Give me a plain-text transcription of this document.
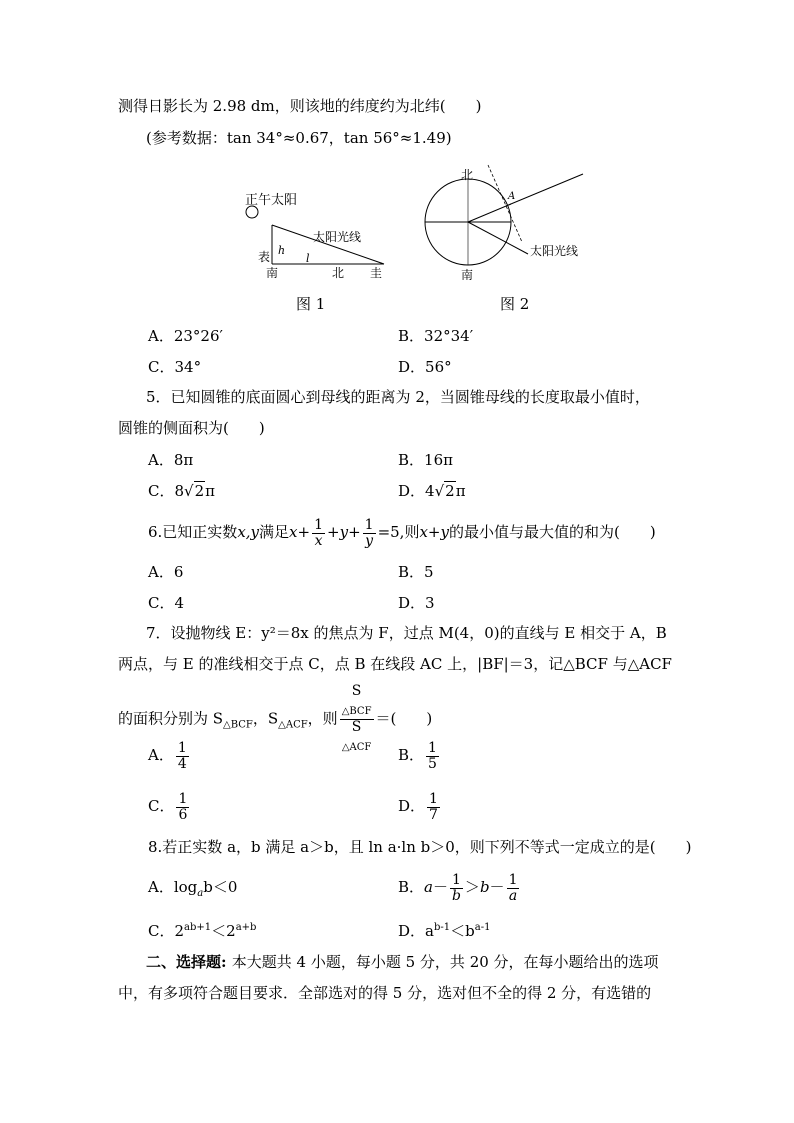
测得日影长为 2.98 dm，则该地的纬度约为北纬(　　)
(参考数据：tan 34°≈0.67，tan 56°≈1.49)
正午太阳
太阳光线
表 h
l
南	北 圭
图 1
北
南
A
太阳光线
图 2
A．23°26′	B．32°34′
C．34°	D．56°
5．已知圆锥的底面圆心到母线的距离为 2，当圆锥母线的长度取最小值时，
圆锥的侧面积为(　　)
A．8π	B．16π
C．8√2π	D．4√2π
6.已知正实数x,y满足$x+ \frac{1}{x} +y+ \frac{1}{y} =5$,则x+y的最小值与最大值的和为(　　)
A．6	B．5
C．4	D．3
7．设抛物线 E：y²＝8x 的焦点为 F，过点 M(4，0)的直线与 E 相交于 A，B
两点，与 E 的准线相交于点 C，点 B 在线段 AC 上，|BF|＝3，记△BCF 与△ACF
的面积分别为 $S_{\triangle BCF}$，$S_{\triangle ACF}$，则 S
$_{\triangle BCF}$
S
$_{\triangle ACF}$ ＝(　　)
A． $\frac{1}{4}$	B． $\frac{1}{5}$
C． $\frac{1}{6}$	D． $\frac{1}{7}$
8.若正实数 a，b 满足 a＞b，且 ln a·ln b＞0，则下列不等式一定成立的是(　　)
A．$\log_ab<0$	B．$a- \frac{1}{b} >b- \frac{1}{a}$
C．$2^{ab+1}<2^{a+b}$	D．$a^{b-1}<b^{a-1}$
二、选择题: 本大题共 4 小题，每小题 5 分，共 20 分，在每小题给出的选项
中，有多项符合题目要求．全部选对的得 5 分，选对但不全的得 2 分，有选错的
